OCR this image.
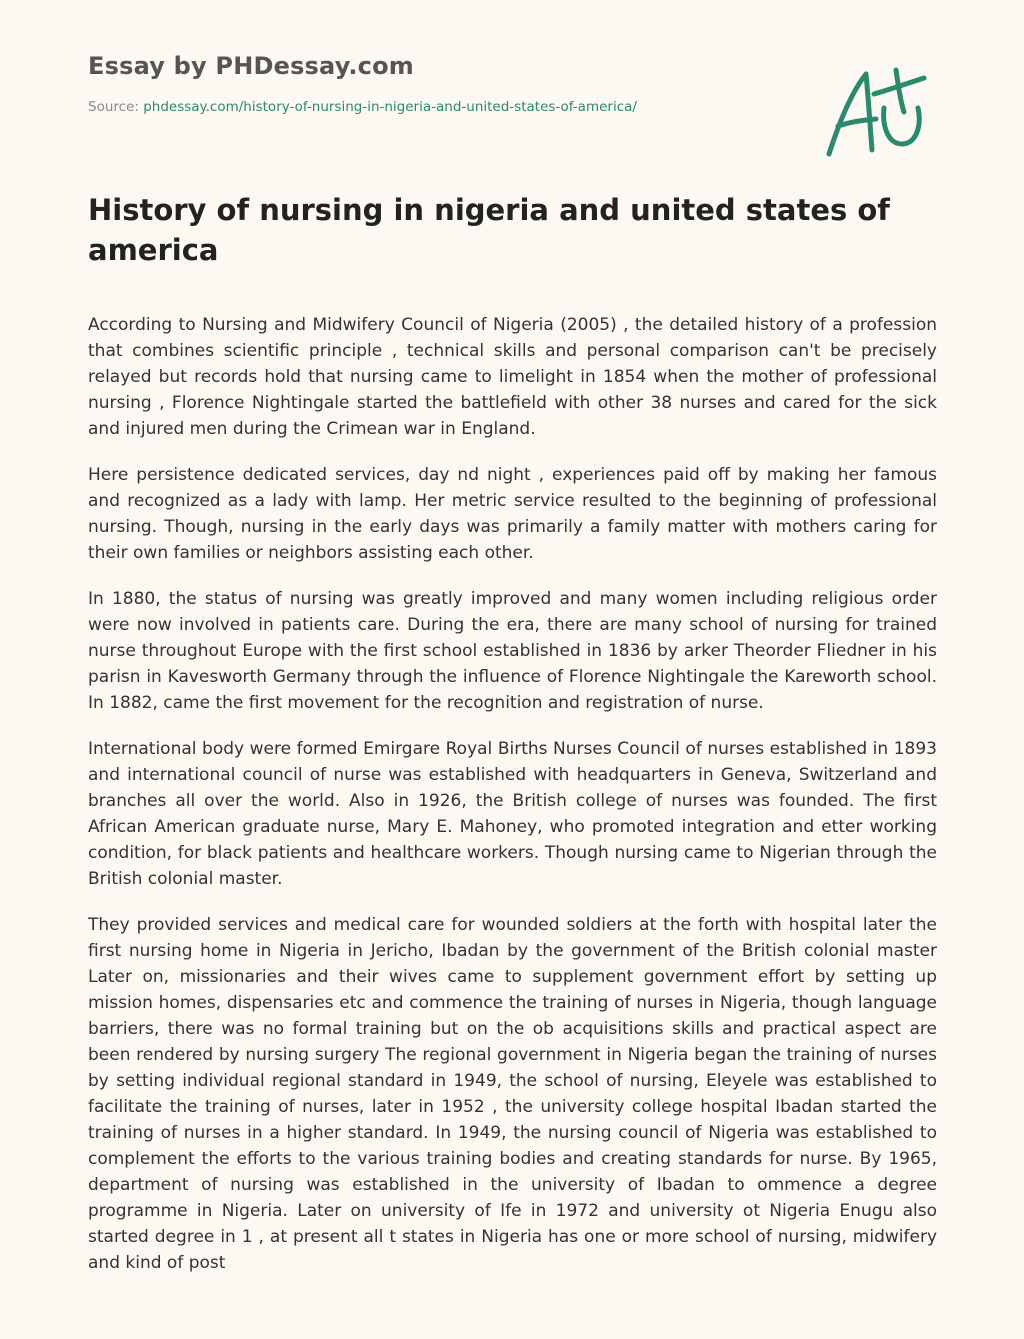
Essay by PHDessay.com
Source: phdessay.com/history-of-nursing-in-nigeria-and-united-states-of-america/
History of nursing in nigeria and united states of america

According to Nursing and Midwifery Council of Nigeria (2005) , the detailed history of a profession that combines scientific principle , technical skills and personal comparison can't be precisely relayed but records hold that nursing came to limelight in 1854 when the mother of professional nursing , Florence Nightingale started the battlefield with other 38 nurses and cared for the sick and injured men during the Crimean war in England.

Here persistence dedicated services, day nd night , experiences paid off by making her famous and recognized as a lady with lamp. Her metric service resulted to the beginning of professional nursing. Though, nursing in the early days was primarily a family matter with mothers caring for their own families or neighbors assisting each other.

In 1880, the status of nursing was greatly improved and many women including religious order were now involved in patients care. During the era, there are many school of nursing for trained nurse throughout Europe with the first school established in 1836 by arker Theorder Fliedner in his parisn in Kavesworth Germany through the influence of Florence Nightingale the Kareworth school. In 1882, came the first movement for the recognition and registration of nurse.

International body were formed Emirgare Royal Births Nurses Council of nurses established in 1893 and international council of nurse was established with headquarters in Geneva, Switzerland and branches all over the world. Also in 1926, the British college of nurses was founded. The first African American graduate nurse, Mary E. Mahoney, who promoted integration and etter working condition, for black patients and healthcare workers. Though nursing came to Nigerian through the British colonial master.

They provided services and medical care for wounded soldiers at the forth with hospital later the first nursing home in Nigeria in Jericho, Ibadan by the government of the British colonial master Later on, missionaries and their wives came to supplement government effort by setting up mission homes, dispensaries etc and commence the training of nurses in Nigeria, though language barriers, there was no formal training but on the ob acquisitions skills and practical aspect are been rendered by nursing surgery The regional government in Nigeria began the training of nurses by setting individual regional standard in 1949, the school of nursing, Eleyele was established to facilitate the training of nurses, later in 1952 , the university college hospital Ibadan started the training of nurses in a higher standard. In 1949, the nursing council of Nigeria was established to complement the efforts to the various training bodies and creating standards for nurse. By 1965, department of nursing was established in the university of Ibadan to ommence a degree programme in Nigeria. Later on university of Ife in 1972 and university ot Nigeria Enugu also started degree in 1 , at present all t states in Nigeria has one or more school of nursing, midwifery and kind of post
